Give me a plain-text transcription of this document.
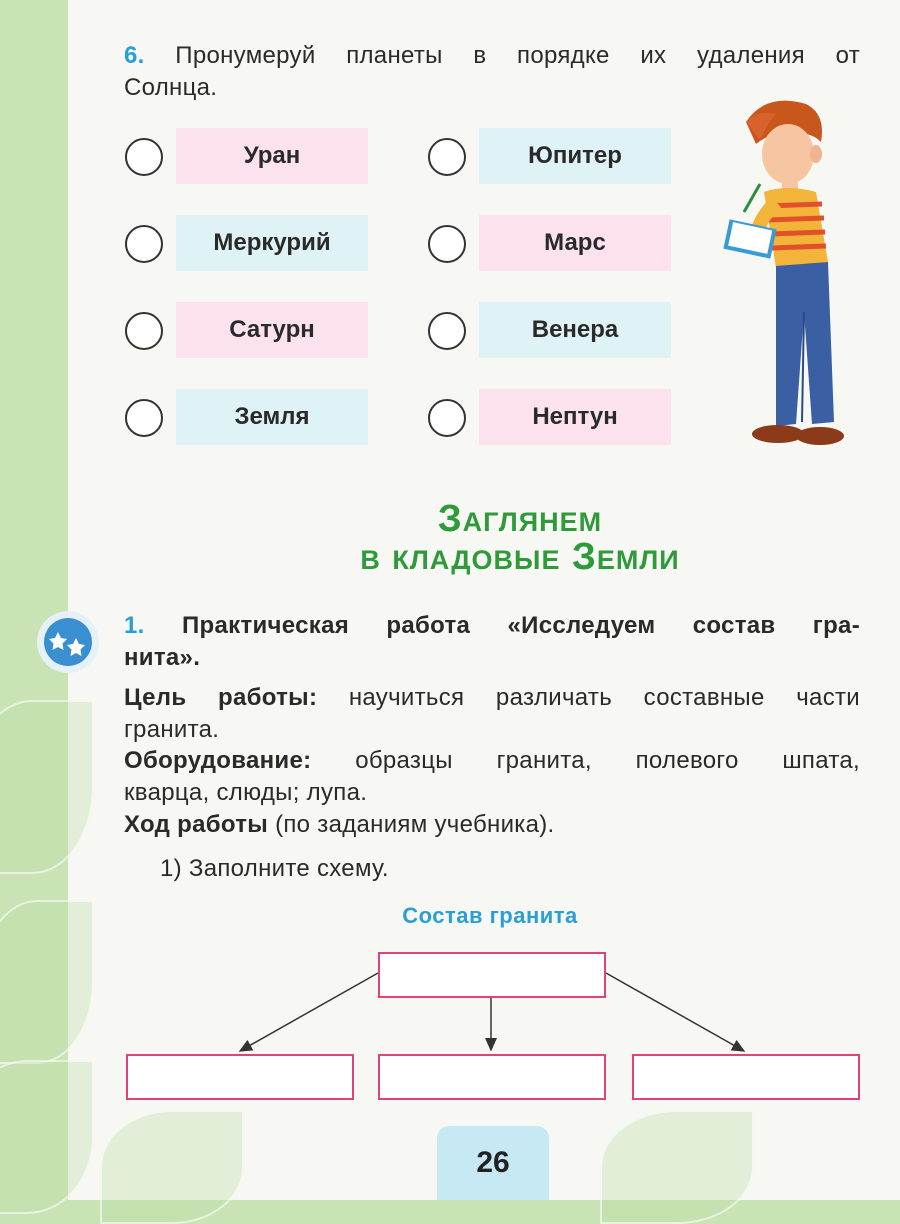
6. Пронумеруй планеты в порядке их удаления от
Солнца.
Уран	Юпитер
Меркурий	Марс
Сатурн	Венера
Земля	Нептун
Заглянем
в кладовые Земли
1. Практическая работа «Исследуем состав гра-
нита».
Цель работы: научиться различать составные части
гранита.
Оборудование: образцы гранита, полевого шпата,
кварца, слюды; лупа.
Ход работы (по заданиям учебника).
1) Заполните схему.
Состав гранита
26
